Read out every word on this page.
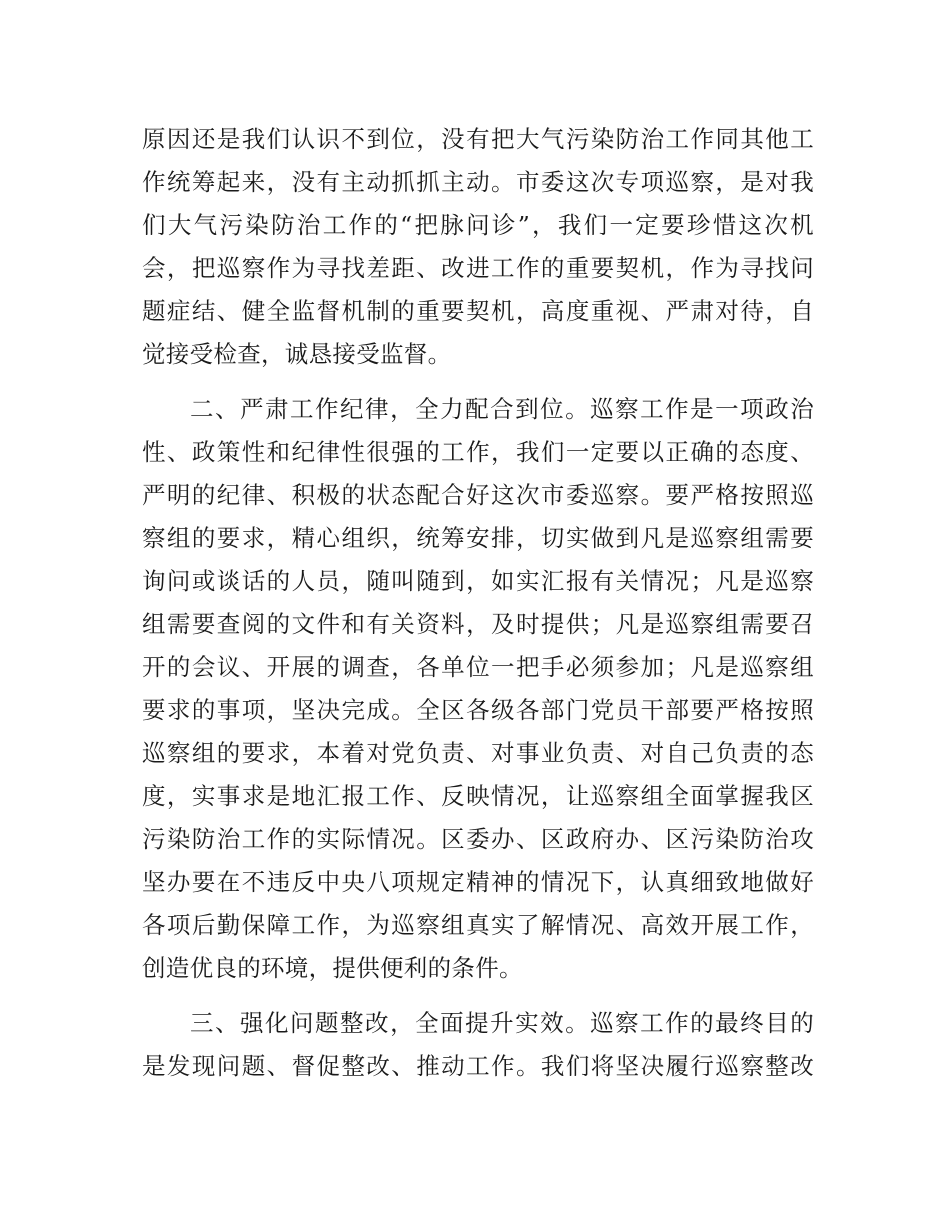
原因还是我们认识不到位，没有把大气污染防治工作同其他工
作统筹起来，没有主动抓抓主动。市委这次专项巡察，是对我
们大气污染防治工作的“把脉问诊”，我们一定要珍惜这次机
会，把巡察作为寻找差距、改进工作的重要契机，作为寻找问
题症结、健全监督机制的重要契机，高度重视、严肃对待，自
觉接受检查，诚恳接受监督。
二、严肃工作纪律，全力配合到位。巡察工作是一项政治
性、政策性和纪律性很强的工作，我们一定要以正确的态度、
严明的纪律、积极的状态配合好这次市委巡察。要严格按照巡
察组的要求，精心组织，统筹安排，切实做到凡是巡察组需要
询问或谈话的人员，随叫随到，如实汇报有关情况；凡是巡察
组需要查阅的文件和有关资料，及时提供；凡是巡察组需要召
开的会议、开展的调查，各单位一把手必须参加；凡是巡察组
要求的事项，坚决完成。全区各级各部门党员干部要严格按照
巡察组的要求，本着对党负责、对事业负责、对自己负责的态
度，实事求是地汇报工作、反映情况，让巡察组全面掌握我区
污染防治工作的实际情况。区委办、区政府办、区污染防治攻
坚办要在不违反中央八项规定精神的情况下，认真细致地做好
各项后勤保障工作，为巡察组真实了解情况、高效开展工作，
创造优良的环境，提供便利的条件。
三、强化问题整改，全面提升实效。巡察工作的最终目的
是发现问题、督促整改、推动工作。我们将坚决履行巡察整改
